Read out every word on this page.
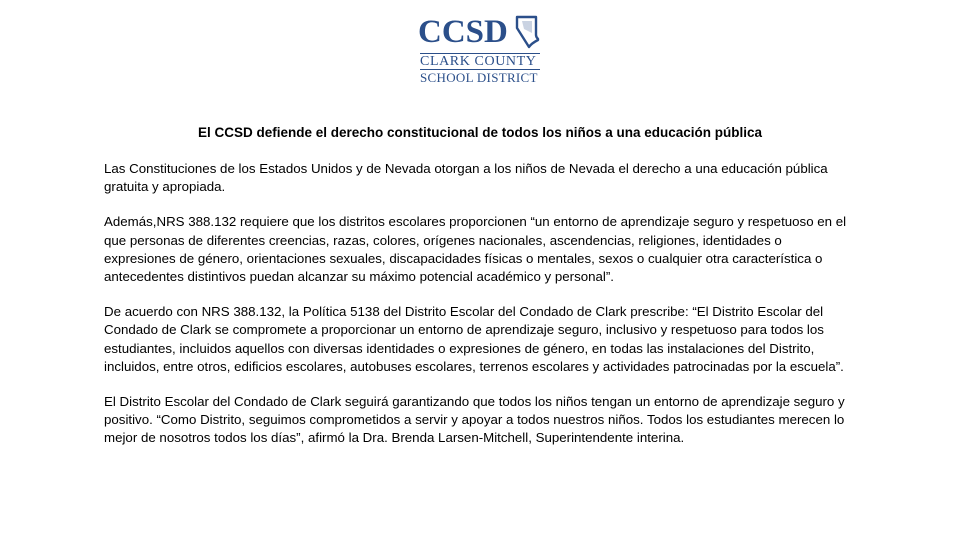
CCSD
CLARK COUNTY
SCHOOL DISTRICT
El CCSD defiende el derecho constitucional de todos los niños a una educación pública

Las Constituciones de los Estados Unidos y de Nevada otorgan a los niños de Nevada el derecho a una educación pública gratuita y apropiada.

Además,NRS 388.132 requiere que los distritos escolares proporcionen “un entorno de aprendizaje seguro y respetuoso en el que personas de diferentes creencias, razas, colores, orígenes nacionales, ascendencias, religiones, identidades o expresiones de género, orientaciones sexuales, discapacidades físicas o mentales, sexos o cualquier otra característica o antecedentes distintivos puedan alcanzar su máximo potencial académico y personal”.

De acuerdo con NRS 388.132, la Política 5138 del Distrito Escolar del Condado de Clark prescribe: “El Distrito Escolar del Condado de Clark se compromete a proporcionar un entorno de aprendizaje seguro, inclusivo y respetuoso para todos los estudiantes, incluidos aquellos con diversas identidades o expresiones de género, en todas las instalaciones del Distrito, incluidos, entre otros, edificios escolares, autobuses escolares, terrenos escolares y actividades patrocinadas por la escuela”.

El Distrito Escolar del Condado de Clark seguirá garantizando que todos los niños tengan un entorno de aprendizaje seguro y positivo. “Como Distrito, seguimos comprometidos a servir y apoyar a todos nuestros niños. Todos los estudiantes merecen lo mejor de nosotros todos los días”, afirmó la Dra. Brenda Larsen-Mitchell, Superintendente interina.
